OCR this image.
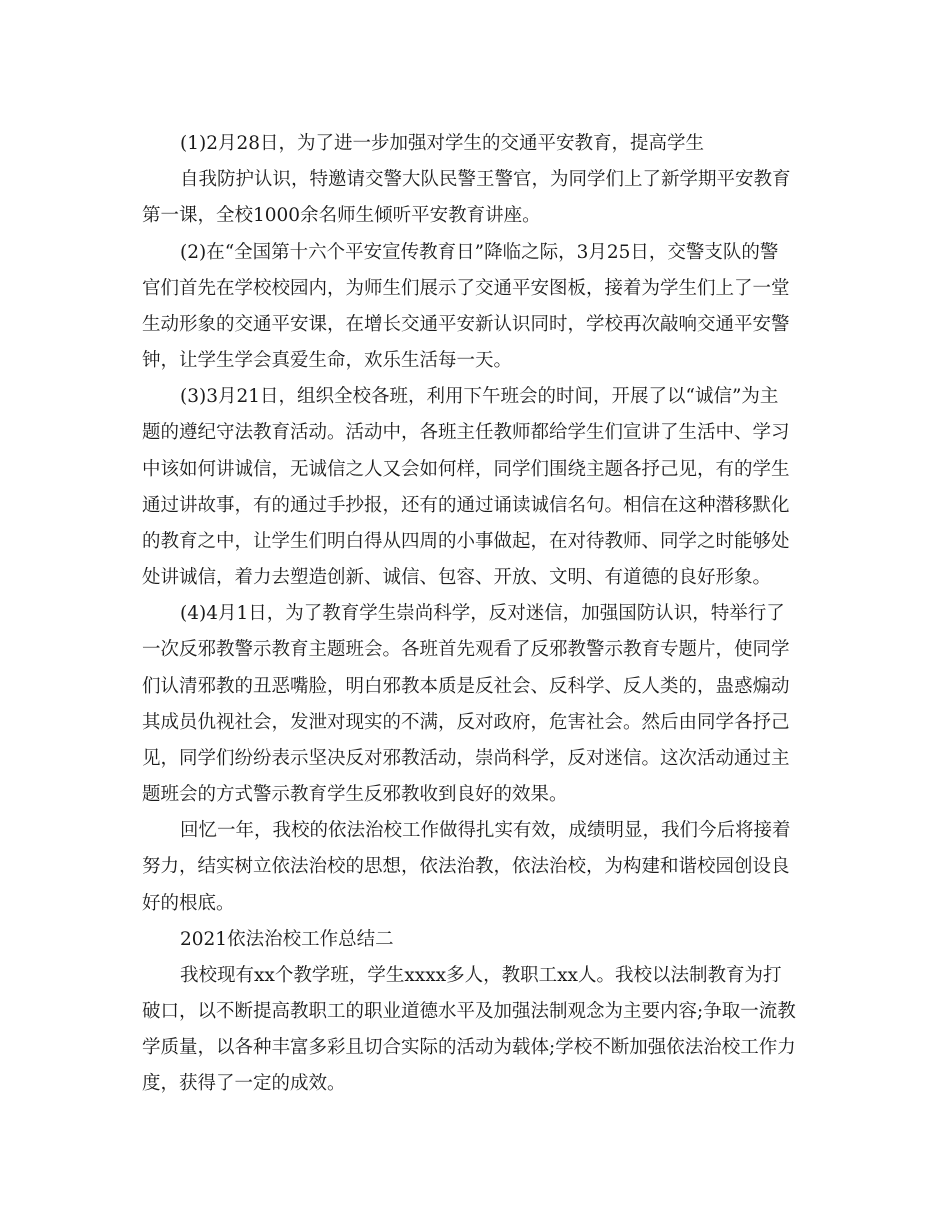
(1)2月28日，为了进一步加强对学生的交通平安教育，提高学生

自我防护认识，特邀请交警大队民警王警官，为同学们上了新学期平安教育

第一课，全校1000余名师生倾听平安教育讲座。

(2)在“全国第十六个平安宣传教育日”降临之际，3月25日，交警支队的警

官们首先在学校校园内，为师生们展示了交通平安图板，接着为学生们上了一堂

生动形象的交通平安课，在增长交通平安新认识同时，学校再次敲响交通平安警

钟，让学生学会真爱生命，欢乐生活每一天。

(3)3月21日，组织全校各班，利用下午班会的时间，开展了以“诚信”为主

题的遵纪守法教育活动。活动中，各班主任教师都给学生们宣讲了生活中、学习

中该如何讲诚信，无诚信之人又会如何样，同学们围绕主题各抒己见，有的学生

通过讲故事，有的通过手抄报，还有的通过诵读诚信名句。相信在这种潜移默化

的教育之中，让学生们明白得从四周的小事做起，在对待教师、同学之时能够处

处讲诚信，着力去塑造创新、诚信、包容、开放、文明、有道德的良好形象。

(4)4月1日，为了教育学生崇尚科学，反对迷信，加强国防认识，特举行了

一次反邪教警示教育主题班会。各班首先观看了反邪教警示教育专题片，使同学

们认清邪教的丑恶嘴脸，明白邪教本质是反社会、反科学、反人类的，蛊惑煽动

其成员仇视社会，发泄对现实的不满，反对政府，危害社会。然后由同学各抒己

见，同学们纷纷表示坚决反对邪教活动，崇尚科学，反对迷信。这次活动通过主

题班会的方式警示教育学生反邪教收到良好的效果。

回忆一年，我校的依法治校工作做得扎实有效，成绩明显，我们今后将接着

努力，结实树立依法治校的思想，依法治教，依法治校，为构建和谐校园创设良

好的根底。

2021依法治校工作总结二

我校现有xx个教学班，学生xxxx多人，教职工xx人。我校以法制教育为打

破口，以不断提高教职工的职业道德水平及加强法制观念为主要内容;争取一流教

学质量，以各种丰富多彩且切合实际的活动为载体;学校不断加强依法治校工作力

度，获得了一定的成效。
